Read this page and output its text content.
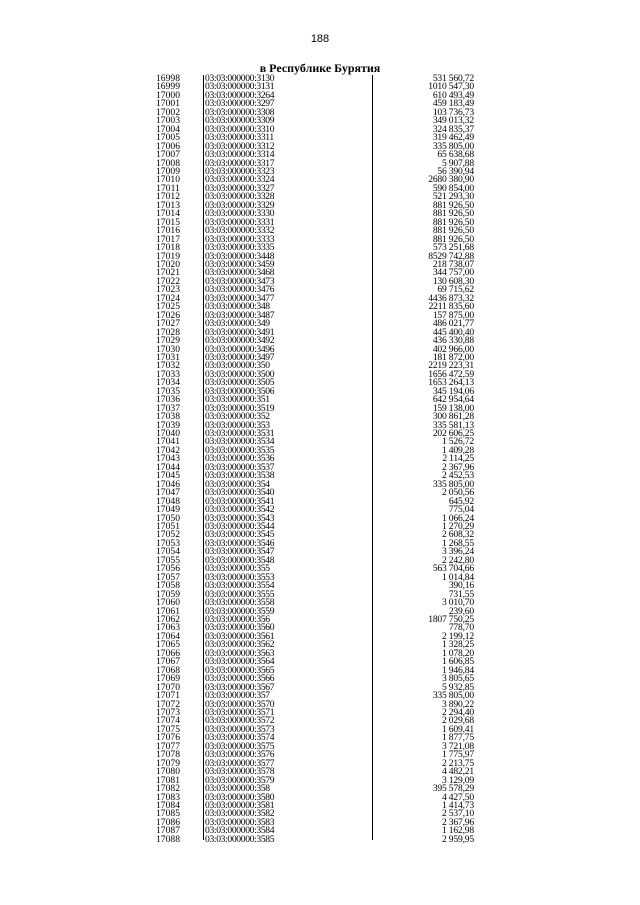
188
в Республике Бурятия
16998	03:03:000000:3130	531 560,72
16999	03:03:000000:3131	1010 547,30
17000	03:03:000000:3264	610 493,49
17001	03:03:000000:3297	459 183,49
17002	03:03:000000:3308	103 736,73
17003	03:03:000000:3309	349 013,32
17004	03:03:000000:3310	324 835,37
17005	03:03:000000:3311	319 462,49
17006	03:03:000000:3312	335 805,00
17007	03:03:000000:3314	65 638,68
17008	03:03:000000:3317	5 907,88
17009	03:03:000000:3323	56 390,94
17010	03:03:000000:3324	2680 380,90
17011	03:03:000000:3327	590 854,00
17012	03:03:000000:3328	521 293,30
17013	03:03:000000:3329	881 926,50
17014	03:03:000000:3330	881 926,50
17015	03:03:000000:3331	881 926,50
17016	03:03:000000:3332	881 926,50
17017	03:03:000000:3333	881 926,50
17018	03:03:000000:3335	573 251,68
17019	03:03:000000:3448	8529 742,88
17020	03:03:000000:3459	218 738,07
17021	03:03:000000:3468	344 757,00
17022	03:03:000000:3473	130 608,30
17023	03:03:000000:3476	69 715,62
17024	03:03:000000:3477	4436 873,32
17025	03:03:000000:348	2211 835,60
17026	03:03:000000:3487	157 875,00
17027	03:03:000000:349	486 021,77
17028	03:03:000000:3491	445 400,40
17029	03:03:000000:3492	436 330,88
17030	03:03:000000:3496	402 966,00
17031	03:03:000000:3497	181 872,00
17032	03:03:000000:350	2219 223,31
17033	03:03:000000:3500	1656 472,59
17034	03:03:000000:3505	1653 264,13
17035	03:03:000000:3506	345 194,06
17036	03:03:000000:351	642 954,64
17037	03:03:000000:3519	159 138,00
17038	03:03:000000:352	300 861,28
17039	03:03:000000:353	335 581,13
17040	03:03:000000:3531	202 606,25
17041	03:03:000000:3534	1 526,72
17042	03:03:000000:3535	1 409,28
17043	03:03:000000:3536	2 114,25
17044	03:03:000000:3537	2 367,96
17045	03:03:000000:3538	2 452,53
17046	03:03:000000:354	335 805,00
17047	03:03:000000:3540	2 050,56
17048	03:03:000000:3541	645,92
17049	03:03:000000:3542	775,04
17050	03:03:000000:3543	1 066,24
17051	03:03:000000:3544	1 270,29
17052	03:03:000000:3545	2 608,32
17053	03:03:000000:3546	1 268,55
17054	03:03:000000:3547	3 396,24
17055	03:03:000000:3548	2 242,80
17056	03:03:000000:355	563 704,66
17057	03:03:000000:3553	1 014,84
17058	03:03:000000:3554	390,16
17059	03:03:000000:3555	731,55
17060	03:03:000000:3558	3 010,70
17061	03:03:000000:3559	239,60
17062	03:03:000000:356	1807 750,25
17063	03:03:000000:3560	778,70
17064	03:03:000000:3561	2 199,12
17065	03:03:000000:3562	1 328,25
17066	03:03:000000:3563	1 078,20
17067	03:03:000000:3564	1 606,85
17068	03:03:000000:3565	1 946,84
17069	03:03:000000:3566	3 805,65
17070	03:03:000000:3567	5 932,85
17071	03:03:000000:357	335 805,00
17072	03:03:000000:3570	3 890,22
17073	03:03:000000:3571	2 294,40
17074	03:03:000000:3572	2 029,68
17075	03:03:000000:3573	1 609,41
17076	03:03:000000:3574	1 877,75
17077	03:03:000000:3575	3 721,08
17078	03:03:000000:3576	1 775,97
17079	03:03:000000:3577	2 213,75
17080	03:03:000000:3578	4 482,21
17081	03:03:000000:3579	3 129,09
17082	03:03:000000:358	395 578,29
17083	03:03:000000:3580	4 427,50
17084	03:03:000000:3581	1 414,73
17085	03:03:000000:3582	2 537,10
17086	03:03:000000:3583	2 367,96
17087	03:03:000000:3584	1 162,98
17088	03:03:000000:3585	2 959,95
